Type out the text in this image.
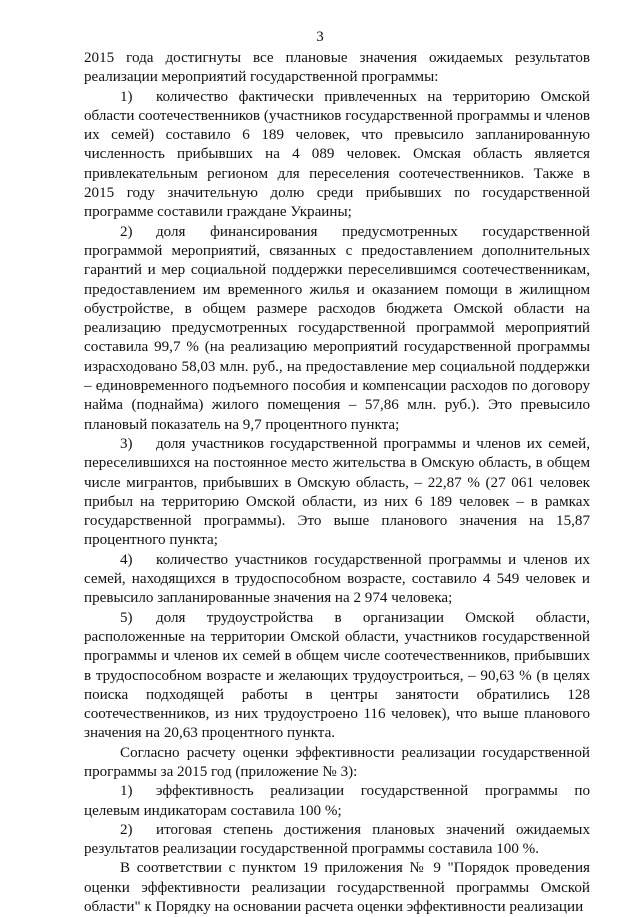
3

2015 года достигнуты все плановые значения ожидаемых результатов реализации мероприятий государственной программы:

1) количество фактически привлеченных на территорию Омской области соотечественников (участников государственной программы и членов их семей) составило 6 189 человек, что превысило запланированную численность прибывших на 4 089 человек. Омская область является привлекательным регионом для переселения соотечественников. Также в 2015 году значительную долю среди прибывших по государственной программе составили граждане Украины;

2) доля финансирования предусмотренных государственной программой мероприятий, связанных с предоставлением дополнительных гарантий и мер социальной поддержки переселившимся соотечественникам, предоставлением им временного жилья и оказанием помощи в жилищном обустройстве, в общем размере расходов бюджета Омской области на реализацию предусмотренных государственной программой мероприятий составила 99,7 % (на реализацию мероприятий государственной программы израсходовано 58,03 млн. руб., на предоставление мер социальной поддержки – единовременного подъемного пособия и компенсации расходов по договору найма (поднайма) жилого помещения – 57,86 млн. руб.). Это превысило плановый показатель на 9,7 процентного пункта;

3) доля участников государственной программы и членов их семей, переселившихся на постоянное место жительства в Омскую область, в общем числе мигрантов, прибывших в Омскую область, – 22,87 % (27 061 человек прибыл на территорию Омской области, из них 6 189 человек – в рамках государственной программы). Это выше планового значения на 15,87 процентного пункта;

4) количество участников государственной программы и членов их семей, находящихся в трудоспособном возрасте, составило 4 549 человек и превысило запланированные значения на 2 974 человека;

5) доля трудоустройства в организации Омской области, расположенные на территории Омской области, участников государственной программы и членов их семей в общем числе соотечественников, прибывших в трудоспособном возрасте и желающих трудоустроиться, – 90,63 % (в целях поиска подходящей работы в центры занятости обратились 128 соотечественников, из них трудоустроено 116 человек), что выше планового значения на 20,63 процентного пункта.

Согласно расчету оценки эффективности реализации государственной программы за 2015 год (приложение № 3):

1) эффективность реализации государственной программы по целевым индикаторам составила 100 %;

2) итоговая степень достижения плановых значений ожидаемых результатов реализации государственной программы составила 100 %.

В соответствии с пунктом 19 приложения № 9 "Порядок проведения оценки эффективности реализации государственной программы Омской области" к Порядку на основании расчета оценки эффективности реализации
